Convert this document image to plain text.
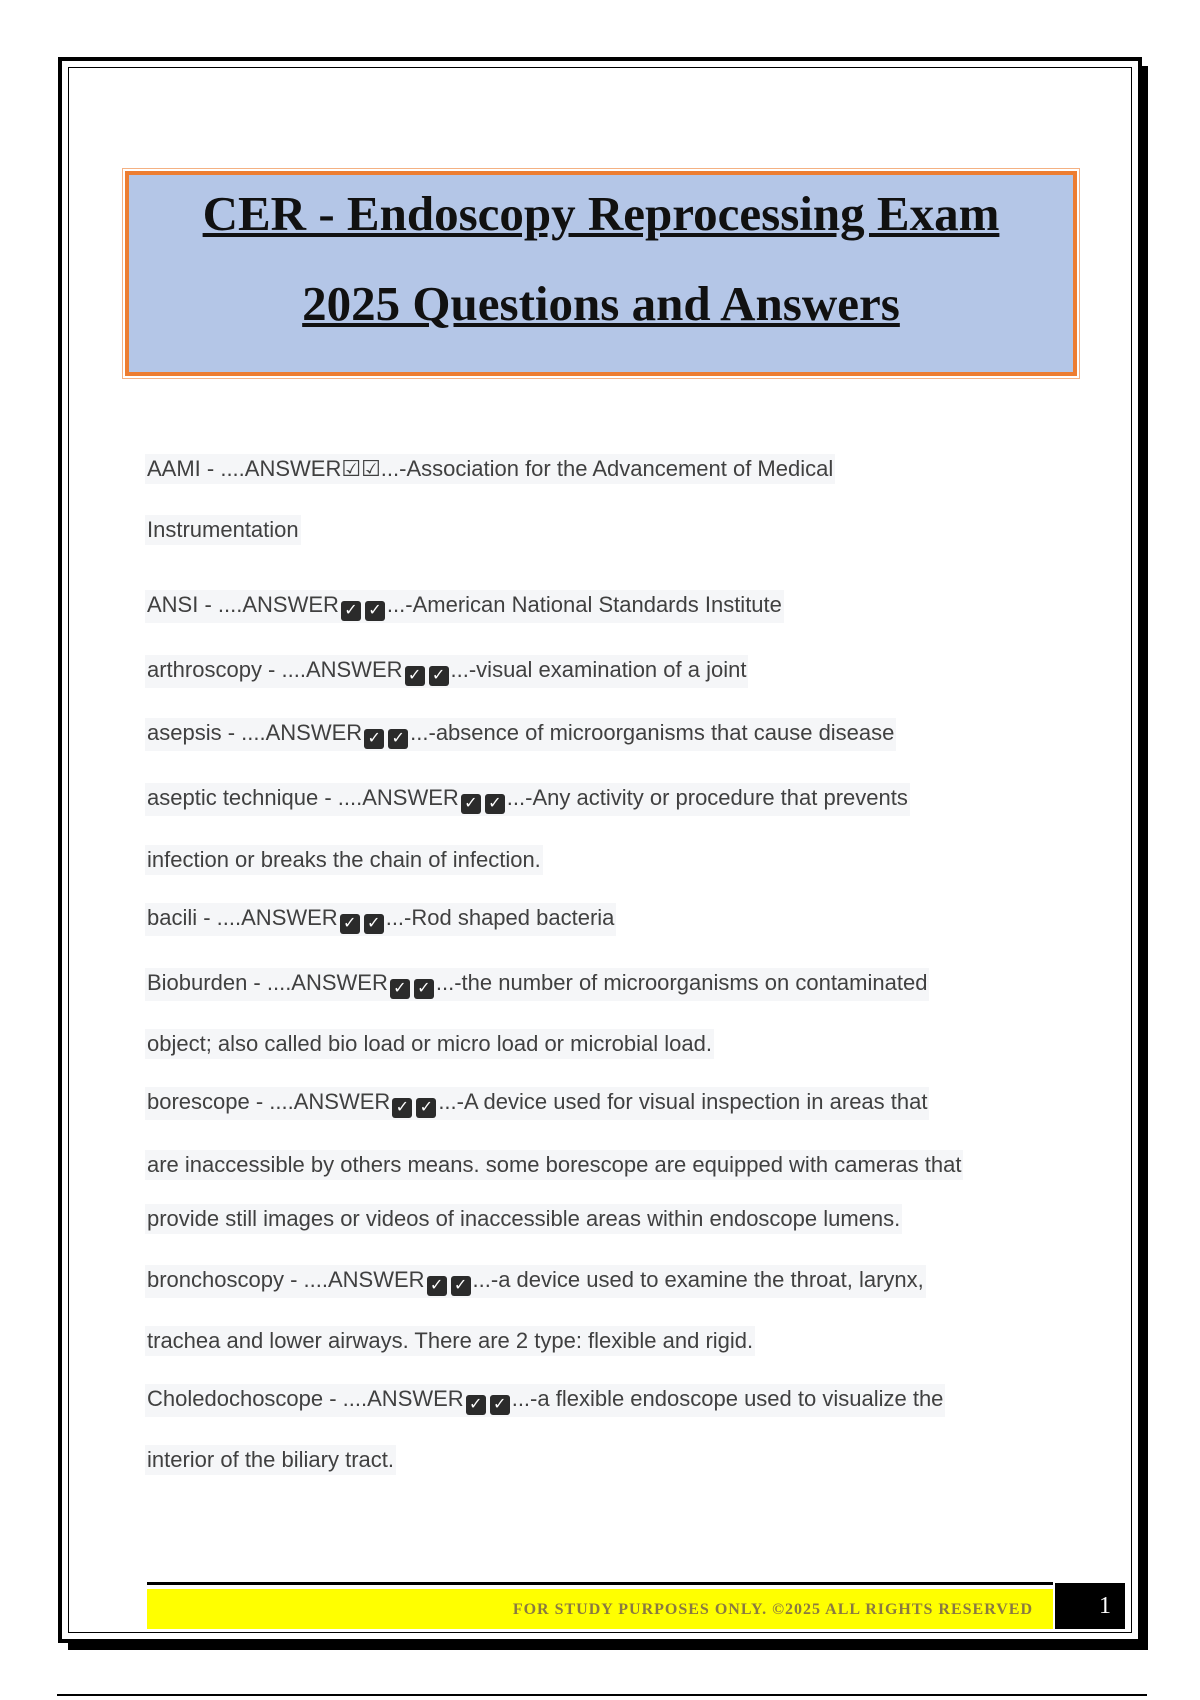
CER - Endoscopy Reprocessing Exam
2025 Questions and Answers
AAMI - ....ANSWER☑☑...-Association for the Advancement of Medical
Instrumentation
ANSI - ....ANSWER ✓ ✓ ...-American National Standards Institute
arthroscopy - ....ANSWER ✓ ✓ ...-visual examination of a joint
asepsis - ....ANSWER ✓ ✓ ...-absence of microorganisms that cause disease
aseptic technique - ....ANSWER ✓ ✓ ...-Any activity or procedure that prevents
infection or breaks the chain of infection.
bacili - ....ANSWER ✓ ✓ ...-Rod shaped bacteria
Bioburden - ....ANSWER ✓ ✓ ...-the number of microorganisms on contaminated
object; also called bio load or micro load or microbial load.
borescope - ....ANSWER ✓ ✓ ...-A device used for visual inspection in areas that
are inaccessible by others means. some borescope are equipped with cameras that
provide still images or videos of inaccessible areas within endoscope lumens.
bronchoscopy - ....ANSWER ✓ ✓ ...-a device used to examine the throat, larynx,
trachea and lower airways. There are 2 type: flexible and rigid.
Choledochoscope - ....ANSWER ✓ ✓ ...-a flexible endoscope used to visualize the
interior of the biliary tract.
FOR STUDY PURPOSES ONLY. ©2025 ALL RIGHTS RESERVED	1
